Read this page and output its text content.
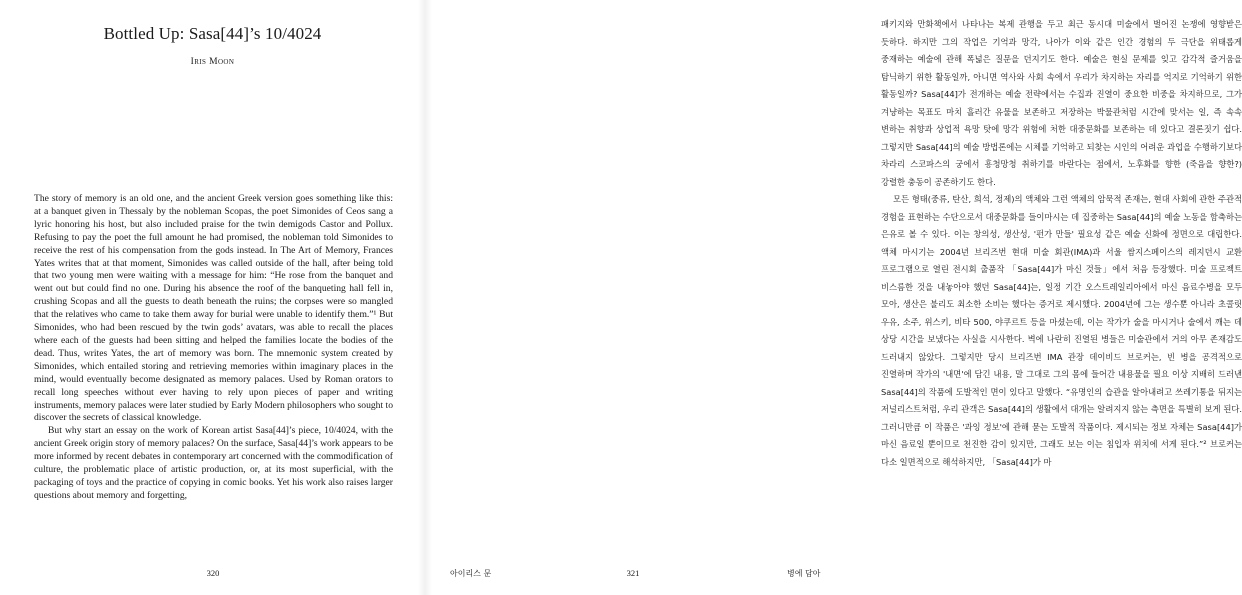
Bottled Up: Sasa[44]’s 10/4024
Iris Moon

The story of memory is an old one, and the ancient Greek version goes something like this: at a banquet given in Thessaly by the nobleman Scopas, the poet Simonides of Ceos sang a lyric honoring his host, but also included praise for the twin demigods Castor and Pollux. Refusing to pay the poet the full amount he had promised, the nobleman told Simonides to receive the rest of his compensation from the gods instead. In The Art of Memory, Frances Yates writes that at that moment, Simonides was called outside of the hall, after being told that two young men were waiting with a message for him: “He rose from the banquet and went out but could find no one. During his absence the roof of the banqueting hall fell in, crushing Scopas and all the guests to death beneath the ruins; the corpses were so mangled that the relatives who came to take them away for burial were unable to identify them.”¹ But Simonides, who had been rescued by the twin gods’ avatars, was able to recall the places where each of the guests had been sitting and helped the families locate the bodies of the dead. Thus, writes Yates, the art of memory was born. The mnemonic system created by Simonides, which entailed storing and retrieving memories within imaginary places in the mind, would eventually become designated as memory palaces. Used by Roman orators to recall long speeches without ever having to rely upon pieces of paper and writing instruments, memory palaces were later studied by Early Modern philosophers who sought to discover the secrets of classical knowledge.

But why start an essay on the work of Korean artist Sasa[44]’s piece, 10/4024, with the ancient Greek origin story of memory palaces? On the surface, Sasa[44]’s work appears to be more informed by recent debates in contemporary art concerned with the commodification of culture, the problematic place of artistic production, or, at its most superficial, with the packaging of toys and the practice of copying in comic books. Yet his work also raises larger questions about memory and forgetting,

320

패키지와 만화책에서 나타나는 복제 관행을 두고 최근 동시대 미술에서 벌어진 논쟁에 영향받은 듯하다. 하지만 그의 작업은 기억과 망각, 나아가 이와 같은 인간 경험의 두 극단을 위태롭게 중재하는 예술에 관해 폭넓은 질문을 던지기도 한다. 예술은 현실 문제를 잊고 감각적 즐거움을 탐닉하기 위한 활동일까, 아니면 역사와 사회 속에서 우리가 차지하는 자리를 억지로 기억하기 위한 활동일까? Sasa[44]가 전개하는 예술 전략에서는 수집과 진열이 중요한 비중을 차지하므로, 그가 겨냥하는 목표도 마치 흘러간 유물을 보존하고 저장하는 박물관처럼 시간에 맞서는 일, 즉 속속 변하는 취향과 상업적 욕망 탓에 망각 위험에 처한 대중문화를 보존하는 데 있다고 결론짓기 쉽다. 그렇지만 Sasa[44]의 예술 방법론에는 시체를 기억하고 되찾는 시인의 어려운 과업을 수행하기보다 차라리 스코파스의 궁에서 흥청망청 취하기를 바란다는 점에서, 노후화를 향한 (죽음을 향한?) 강렬한 충동이 공존하기도 한다.

모든 형태(중류, 탄산, 희석, 정제)의 액체와 그런 액체의 암묵적 존재는, 현대 사회에 관한 주관적 경험을 표현하는 수단으로서 대중문화를 들이마시는 데 집중하는 Sasa[44]의 예술 노동을 함축하는 은유로 볼 수 있다. 이는 창의성, 생산성, '펀가 만들' 필요성 같은 예술 신화에 정면으로 대립한다. 액체 마시기는 2004년 브리즈번 현대 미술 회관(IMA)과 서울 쌈지스페이스의 레지던시 교환 프로그램으로 열린 전시회 출품작 「Sasa[44]가 마신 것들」에서 처음 등장했다. 미술 프로젝트 비스름한 것을 내놓아야 했던 Sasa[44]는, 일정 기간 오스트레일리아에서 마신 음료수병을 모두 모아, 생산은 불리도 최소한 소비는 했다는 증거로 제시했다. 2004년에 그는 생수뿐 아니라 초콜릿 우유, 소주, 위스키, 비타 500, 야쿠르트 등을 마셨는데, 이는 작가가 술을 마시거나 술에서 깨는 데 상당 시간을 보냈다는 사실을 시사한다. 벽에 나란히 진열된 병들은 미술관에서 거의 아무 존재감도 드러내지 않았다. 그렇지만 당시 브리즈번 IMA 관장 데이비드 브로커는, 빈 병을 공격적으로 진열하며 작가의 '내면'에 담긴 내용, 말 그대로 그의 몸에 들어간 내용물을 필요 이상 지배히 드러낸 Sasa[44]의 작품에 도발적인 면이 있다고 말했다. “유명인의 습관을 알아내려고 쓰레기통을 뒤지는 저널리스트처럼, 우리 관객은 Sasa[44]의 생활에서 대개는 알려지지 않는 측면을 특별히 보게 된다. 그러니만큼 이 작품은 '과잉 정보'에 관해 묻는 도발적 작품이다. 제시되는 정보 자체는 Sasa[44]가 마신 음료일 뿐이므로 천진한 감이 있지만, 그래도 보는 이는 침입자 위치에 서게 된다.”² 브로커는 다소 일면적으로 해석하지만, 「Sasa[44]가 마

아이리스 문	321	병에 담아
